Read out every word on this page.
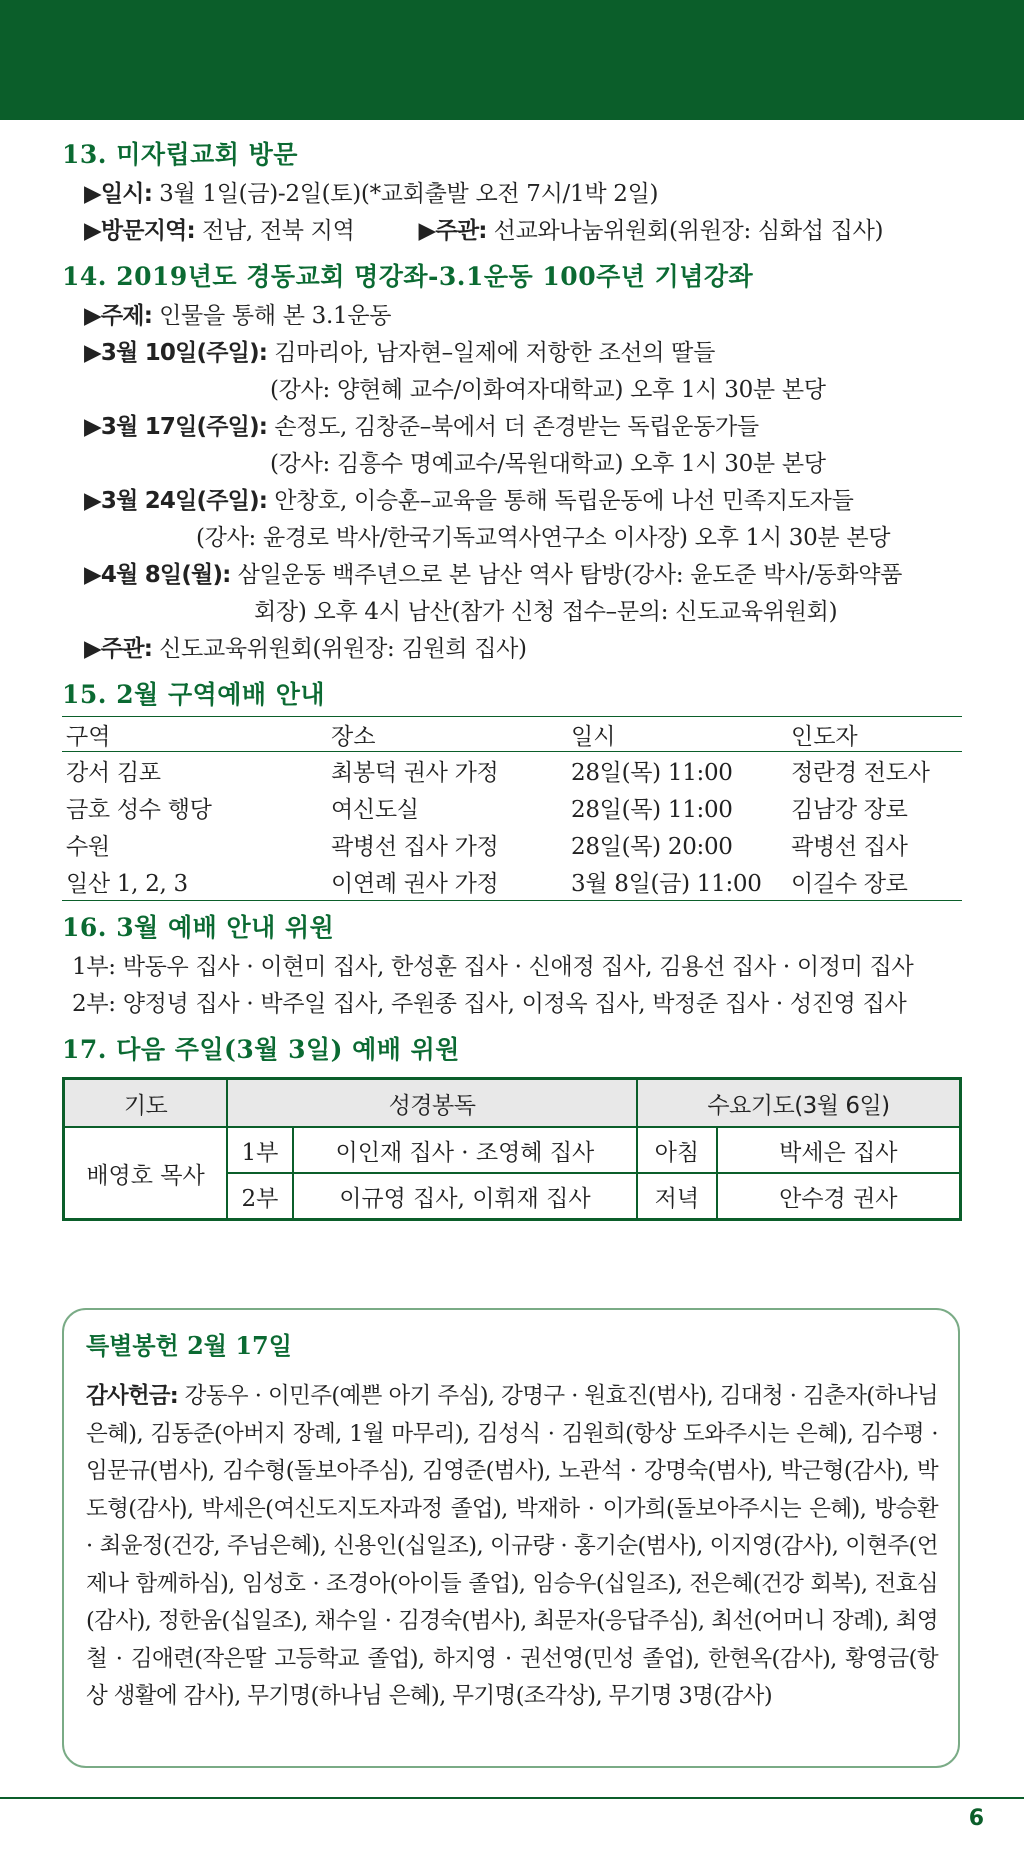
13. 미자립교회 방문
▶일시: 3월 1일(금)-2일(토)(*교회출발 오전 7시/1박 2일)
▶방문지역: 전남, 전북 지역	▶주관: 선교와나눔위원회(위원장: 심화섭 집사)
14. 2019년도 경동교회 명강좌-3.1운동 100주년 기념강좌
▶주제: 인물을 통해 본 3.1운동
▶3월 10일(주일): 김마리아, 남자현–일제에 저항한 조선의 딸들
(강사: 양현혜 교수/이화여자대학교) 오후 1시 30분 본당
▶3월 17일(주일): 손정도, 김창준–북에서 더 존경받는 독립운동가들
(강사: 김흥수 명예교수/목원대학교) 오후 1시 30분 본당
▶3월 24일(주일): 안창호, 이승훈–교육을 통해 독립운동에 나선 민족지도자들
(강사: 윤경로 박사/한국기독교역사연구소 이사장) 오후 1시 30분 본당
▶4월 8일(월): 삼일운동 백주년으로 본 남산 역사 탐방(강사: 윤도준 박사/동화약품
회장) 오후 4시 남산(참가 신청 접수–문의: 신도교육위원회)
▶주관: 신도교육위원회(위원장: 김원희 집사)
15. 2월 구역예배 안내
구역	장소	일시	인도자
강서 김포	최봉덕 권사 가정	28일(목) 11:00	정란경 전도사
금호 성수 행당	여신도실	28일(목) 11:00	김남강 장로
수원	곽병선 집사 가정	28일(목) 20:00	곽병선 집사
일산 1, 2, 3	이연례 권사 가정	3월 8일(금) 11:00	이길수 장로
16. 3월 예배 안내 위원
1부: 박동우 집사 · 이현미 집사, 한성훈 집사 · 신애정 집사, 김용선 집사 · 이정미 집사
2부: 양정녕 집사 · 박주일 집사, 주원종 집사, 이정옥 집사, 박정준 집사 · 성진영 집사
17. 다음 주일(3월 3일) 예배 위원
기도	성경봉독		수요기도(3월 6일)	
배영호 목사	1부	이인재 집사 · 조영혜 집사	아침	박세은 집사
	2부	이규영 집사, 이휘재 집사	저녁	안수경 권사
특별봉헌 2월 17일
감사헌금: 강동우 · 이민주(예쁜 아기 주심), 강명구 · 원효진(범사), 김대청 · 김춘자(하나님 은혜), 김동준(아버지 장례, 1월 마무리), 김성식 · 김원희(항상 도와주시는 은혜), 김수평 · 임문규(범사), 김수형(돌보아주심), 김영준(범사), 노관석 · 강명숙(범사), 박근형(감사), 박도형(감사), 박세은(여신도지도자과정 졸업), 박재하 · 이가희(돌보아주시는 은혜), 방승환 · 최윤정(건강, 주님은혜), 신용인(십일조), 이규량 · 홍기순(범사), 이지영(감사), 이현주(언제나 함께하심), 임성호 · 조경아(아이들 졸업), 임승우(십일조), 전은혜(건강 회복), 전효심(감사), 정한움(십일조), 채수일 · 김경숙(범사), 최문자(응답주심), 최선(어머니 장례), 최영철 · 김애련(작은딸 고등학교 졸업), 하지영 · 권선영(민성 졸업), 한현옥(감사), 황영금(항상 생활에 감사), 무기명(하나님 은혜), 무기명(조각상), 무기명 3명(감사)
6
